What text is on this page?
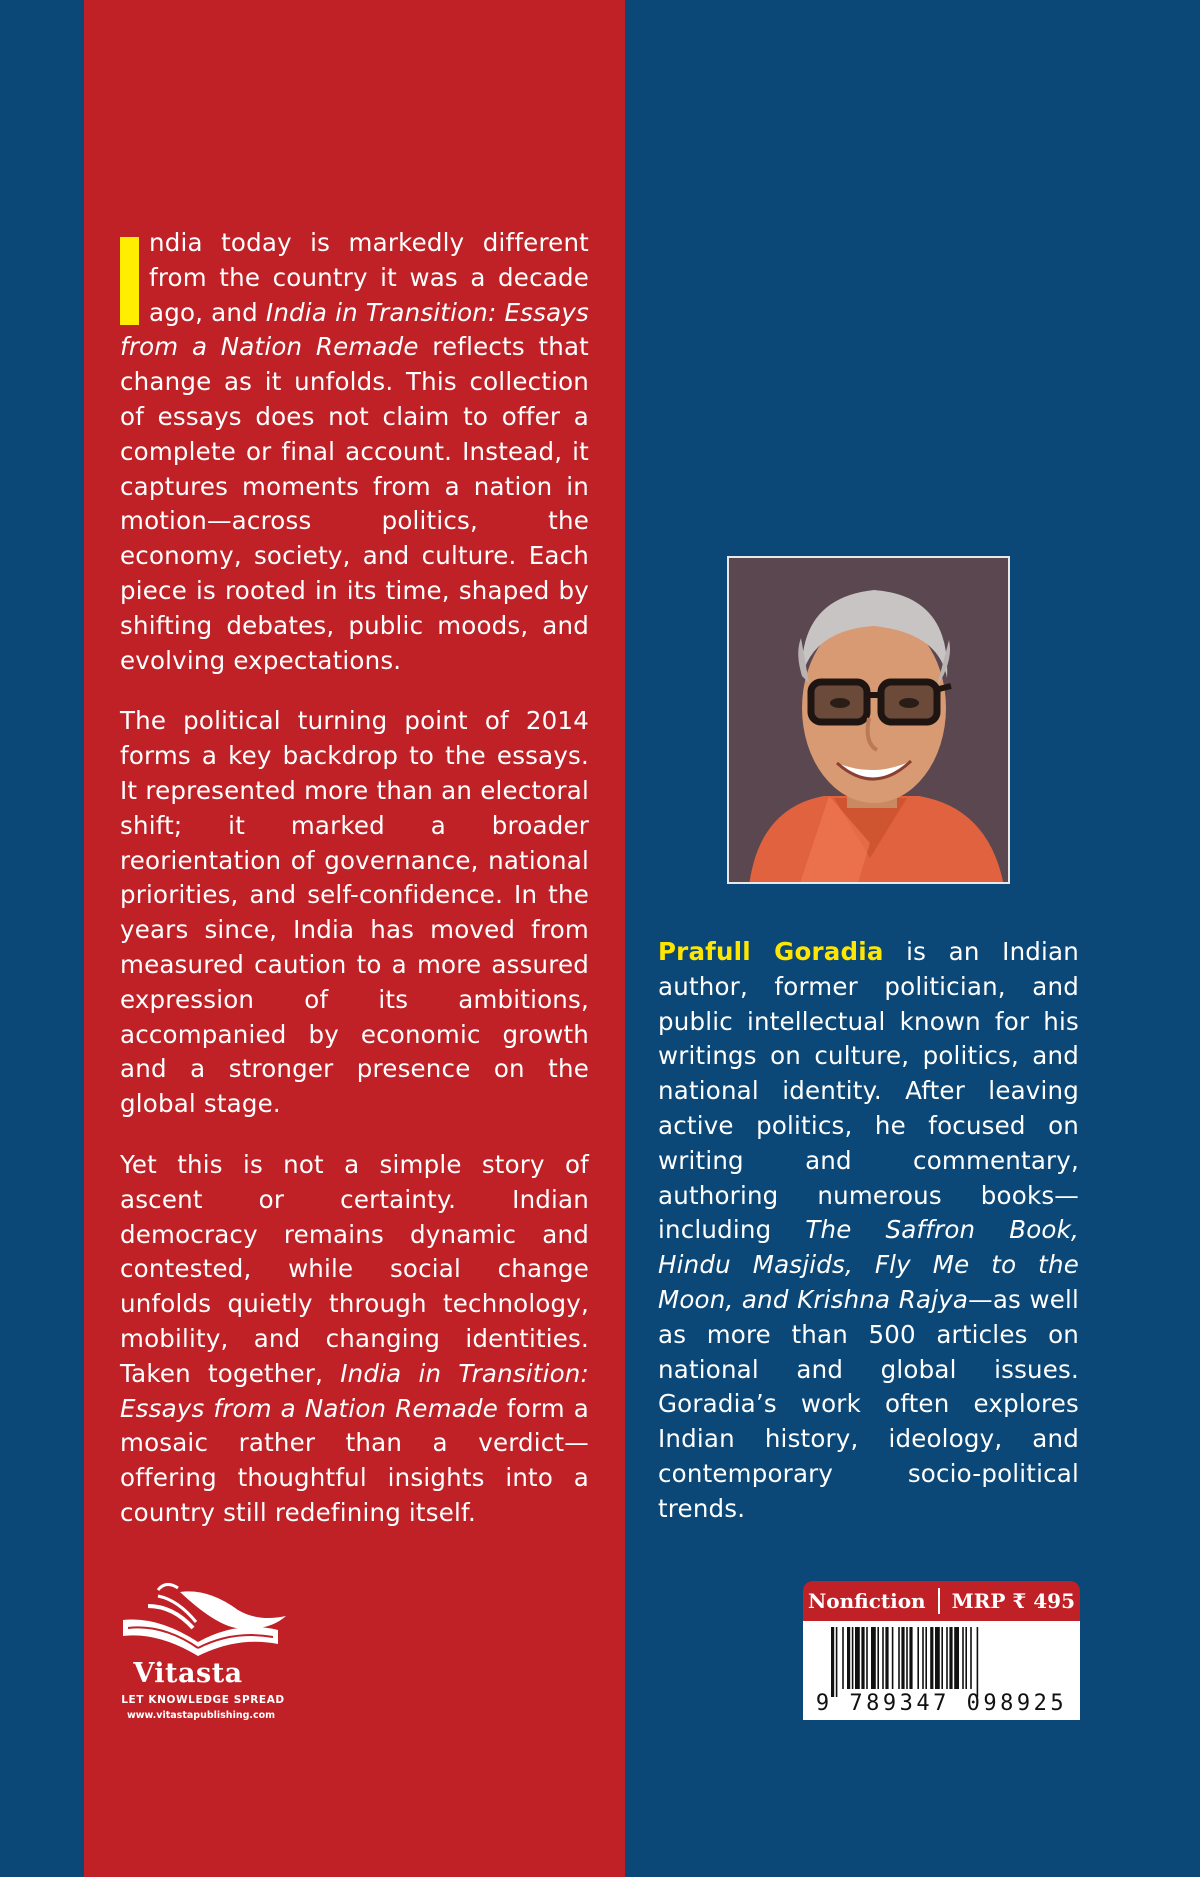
ndia today is markedly different from the country it was a decade ago, and India in Transition: Essays from a Nation Remade reflects that change as it unfolds. This collection of essays does not claim to offer a complete or final account. Instead, it captures moments from a nation in motion—across politics, the economy, society, and culture. Each piece is rooted in its time, shaped by shifting debates, public moods, and evolving expectations.

The political turning point of 2014 forms a key backdrop to the essays. It represented more than an electoral shift; it marked a broader reorientation of governance, national priorities, and self-confidence. In the years since, India has moved from measured caution to a more assured expression of its ambitions, accompanied by economic growth and a stronger presence on the global stage.

Yet this is not a simple story of ascent or certainty. Indian democracy remains dynamic and contested, while social change unfolds quietly through technology, mobility, and changing identities. Taken together, India in Transition: Essays from a Nation Remade form a mosaic rather than a verdict—offering thoughtful insights into a country still redefining itself.

Prafull Goradia is an Indian author, former politician, and public intellectual known for his writings on culture, politics, and national identity. After leaving active politics, he focused on writing and commentary, authoring numerous books—including The Saffron Book, Hindu Masjids, Fly Me to the Moon, and Krishna Rajya—as well as more than 500 articles on national and global issues. Goradia’s work often explores Indian history, ideology, and contemporary socio-political trends.
Vitasta
LET KNOWLEDGE SPREAD
www.vitastapublishing.com
Nonfiction MRP ₹ 495
9 789347 098925
